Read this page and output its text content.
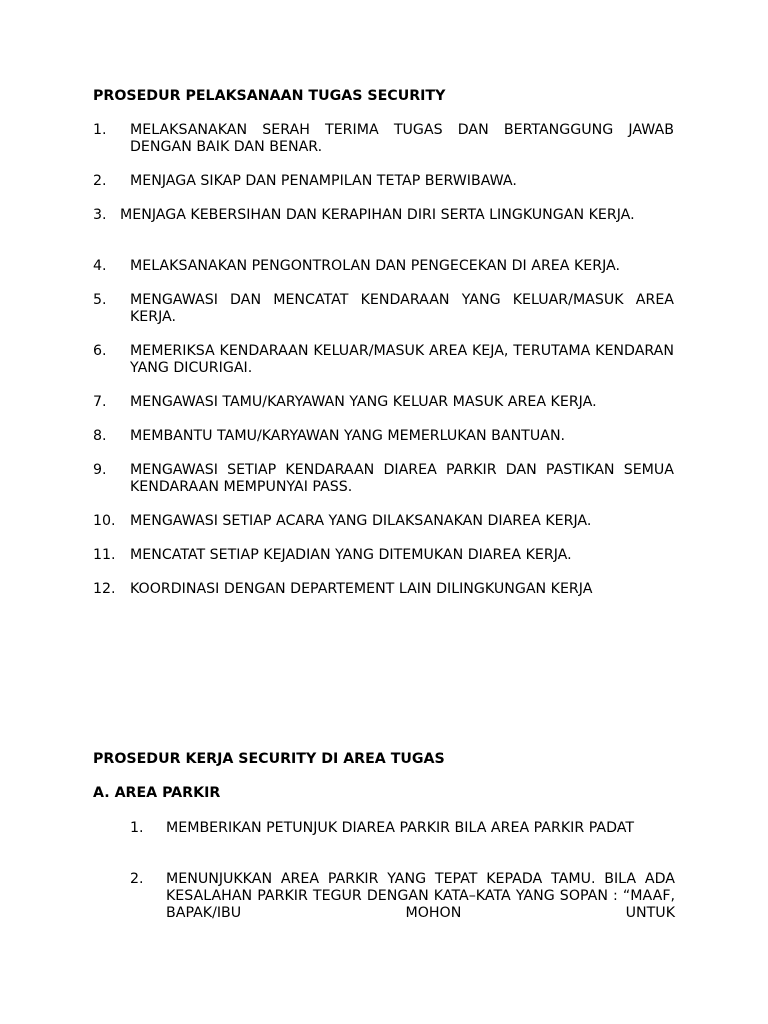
PROSEDUR PELAKSANAAN TUGAS SECURITY
1. MELAKSANAKAN SERAH TERIMA TUGAS DAN BERTANGGUNG JAWAB DENGAN BAIK DAN BENAR.
2. MENJAGA SIKAP DAN PENAMPILAN TETAP BERWIBAWA.
3. MENJAGA KEBERSIHAN DAN KERAPIHAN DIRI SERTA LINGKUNGAN KERJA.
4. MELAKSANAKAN PENGONTROLAN DAN PENGECEKAN DI AREA KERJA.
5. MENGAWASI DAN MENCATAT KENDARAAN YANG KELUAR/MASUK AREA KERJA.
6. MEMERIKSA KENDARAAN KELUAR/MASUK AREA KEJA, TERUTAMA KENDARAN YANG DICURIGAI.
7. MENGAWASI TAMU/KARYAWAN YANG KELUAR MASUK AREA KERJA.
8. MEMBANTU TAMU/KARYAWAN YANG MEMERLUKAN BANTUAN.
9. MENGAWASI SETIAP KENDARAAN DIAREA PARKIR DAN PASTIKAN SEMUA KENDARAAN MEMPUNYAI PASS.
10. MENGAWASI SETIAP ACARA YANG DILAKSANAKAN DIAREA KERJA.
11. MENCATAT SETIAP KEJADIAN YANG DITEMUKAN DIAREA KERJA.
12. KOORDINASI DENGAN DEPARTEMENT LAIN DILINGKUNGAN KERJA
PROSEDUR KERJA SECURITY DI AREA TUGAS
A. AREA PARKIR
1. MEMBERIKAN PETUNJUK DIAREA PARKIR BILA AREA PARKIR PADAT
2. MENUNJUKKAN AREA PARKIR YANG TEPAT KEPADA TAMU. BILA ADA KESALAHAN PARKIR TEGUR DENGAN KATA–KATA YANG SOPAN : “MAAF, BAPAK/IBU MOHON UNTUK
